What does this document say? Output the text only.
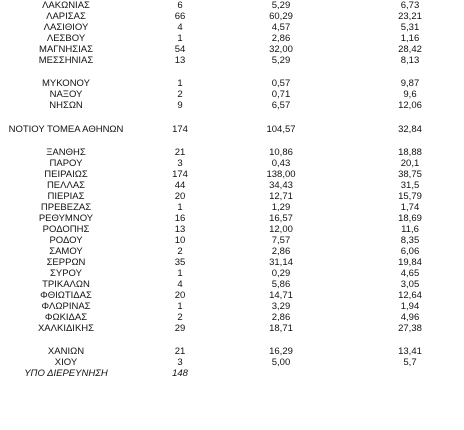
ΛΑΚΩΝΙΑΣ	6	5,29	6,73
ΛΑΡΙΣΑΣ	66	60,29	23,21
ΛΑΣΙΘΙΟΥ	4	4,57	5,31
ΛΕΣΒΟΥ	1	2,86	1,16
ΜΑΓΝΗΣΙΑΣ	54	32,00	28,42
ΜΕΣΣΗΝΙΑΣ	13	5,29	8,13
ΜΥΚΟΝΟΥ	1	0,57	9,87
ΝΑΞΟΥ	2	0,71	9,6
ΝΗΣΩΝ	9	6,57	12,06
ΝΟΤΙΟΥ ΤΟΜΕΑ ΑΘΗΝΩΝ	174	104,57	32,84
ΞΑΝΘΗΣ	21	10,86	18,88
ΠΑΡΟΥ	3	0,43	20,1
ΠΕΙΡΑΙΩΣ	174	138,00	38,75
ΠΕΛΛΑΣ	44	34,43	31,5
ΠΙΕΡΙΑΣ	20	12,71	15,79
ΠΡΕΒΕΖΑΣ	1	1,29	1,74
ΡΕΘΥΜΝΟΥ	16	16,57	18,69
ΡΟΔΟΠΗΣ	13	12,00	11,6
ΡΟΔΟΥ	10	7,57	8,35
ΣΑΜΟΥ	2	2,86	6,06
ΣΕΡΡΩΝ	35	31,14	19,84
ΣΥΡΟΥ	1	0,29	4,65
ΤΡΙΚΑΛΩΝ	4	5,86	3,05
ΦΘΙΩΤΙΔΑΣ	20	14,71	12,64
ΦΛΩΡΙΝΑΣ	1	3,29	1,94
ΦΩΚΙΔΑΣ	2	2,86	4,96
ΧΑΛΚΙΔΙΚΗΣ	29	18,71	27,38
ΧΑΝΙΩΝ	21	16,29	13,41
ΧΙΟΥ	3	5,00	5,7
ΥΠΟ ΔΙΕΡΕΥΝΗΣΗ	148
